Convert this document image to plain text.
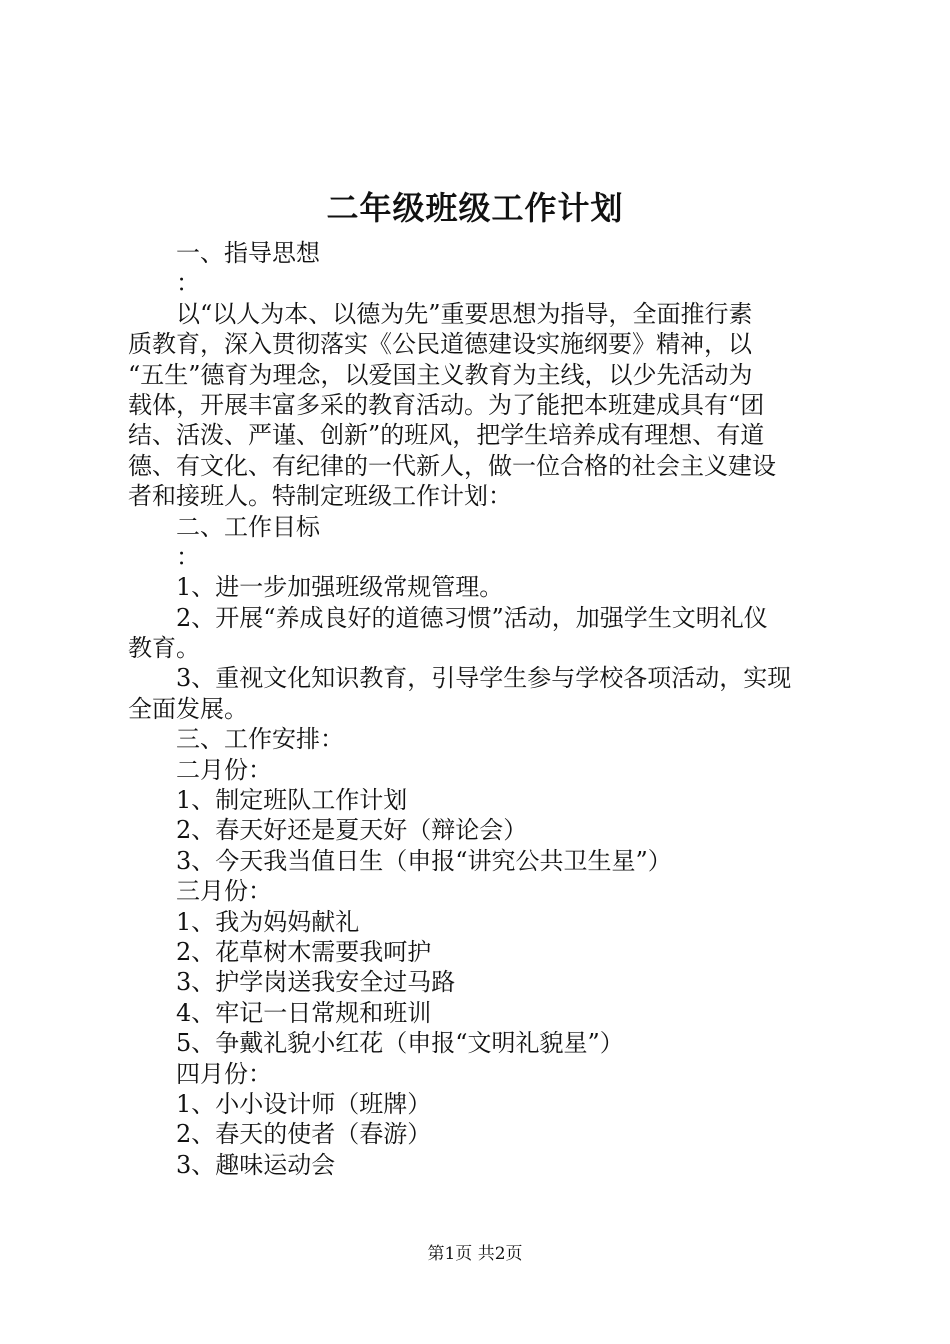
二年级班级工作计划
一、指导思想
：
以“以人为本、以德为先”重要思想为指导，全面推行素
质教育，深入贯彻落实《公民道德建设实施纲要》精神，以
“五生”德育为理念，以爱国主义教育为主线，以少先活动为
载体，开展丰富多采的教育活动。为了能把本班建成具有“团
结、活泼、严谨、创新”的班风，把学生培养成有理想、有道
德、有文化、有纪律的一代新人，做一位合格的社会主义建设
者和接班人。特制定班级工作计划：
二、工作目标
：
1、进一步加强班级常规管理。
2、开展“养成良好的道德习惯”活动，加强学生文明礼仪
教育。
3、重视文化知识教育，引导学生参与学校各项活动，实现
全面发展。
三、工作安排：
二月份：
1、制定班队工作计划
2、春天好还是夏天好（辩论会）
3、今天我当值日生（申报“讲究公共卫生星”）
三月份：
1、我为妈妈献礼
2、花草树木需要我呵护
3、护学岗送我安全过马路
4、牢记一日常规和班训
5、争戴礼貌小红花（申报“文明礼貌星”）
四月份：
1、小小设计师（班牌）
2、春天的使者（春游）
3、趣味运动会
第1页 共2页
